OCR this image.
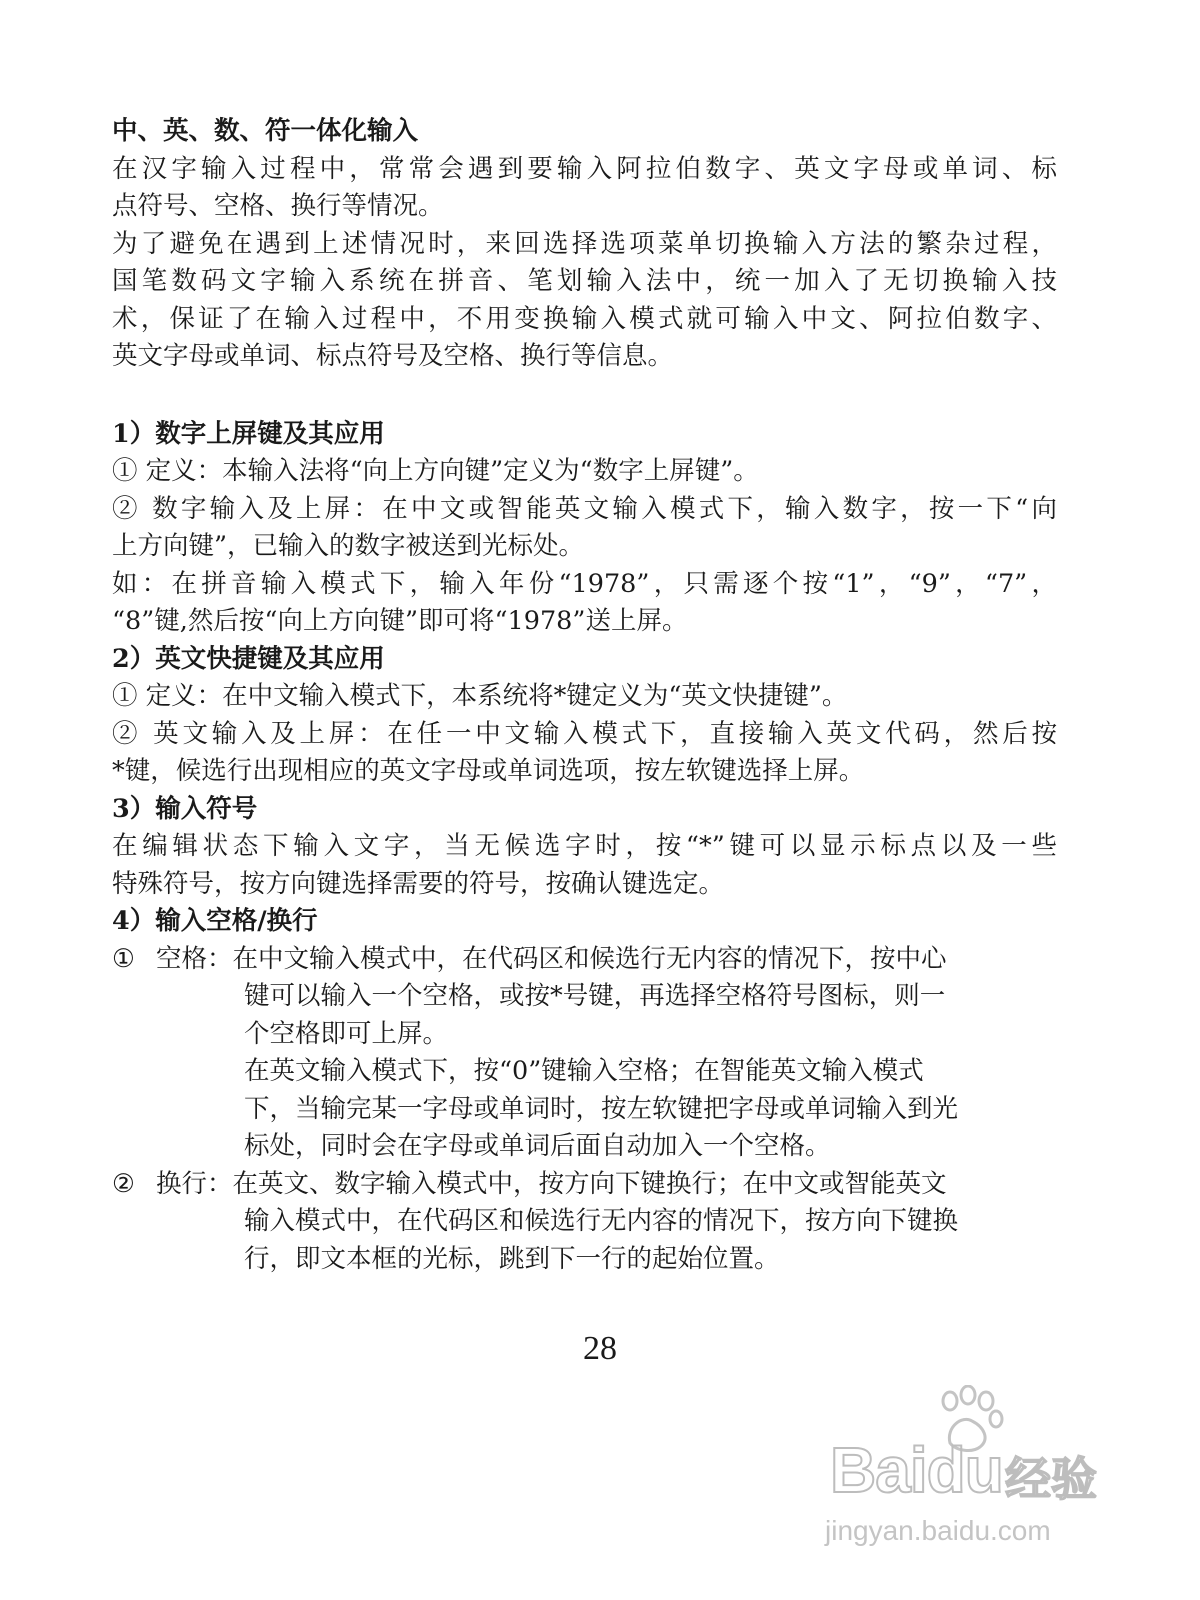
中、英、数、符一体化输入

在汉字输入过程中，常常会遇到要输入阿拉伯数字、英文字母或单词、标

点符号、空格、换行等情况。

为了避免在遇到上述情况时，来回选择选项菜单切换输入方法的繁杂过程，

国笔数码文字输入系统在拼音、笔划输入法中，统一加入了无切换输入技

术，保证了在输入过程中，不用变换输入模式就可输入中文、阿拉伯数字、

英文字母或单词、标点符号及空格、换行等信息。

1）数字上屏键及其应用

① 定义：本输入法将“向上方向键”定义为“数字上屏键”。

② 数字输入及上屏：在中文或智能英文输入模式下，输入数字，按一下“向

上方向键”，已输入的数字被送到光标处。

如：在拼音输入模式下，输入年份“1978”，只需逐个按“1”，“9”，“7”，

“8”键,然后按“向上方向键”即可将“1978”送上屏。

2）英文快捷键及其应用

① 定义：在中文输入模式下，本系统将*键定义为“英文快捷键”。

② 英文输入及上屏：在任一中文输入模式下，直接输入英文代码，然后按

*键，候选行出现相应的英文字母或单词选项，按左软键选择上屏。

3）输入符号

在编辑状态下输入文字，当无候选字时，按“*”键可以显示标点以及一些

特殊符号，按方向键选择需要的符号，按确认键选定。

4）输入空格/换行

① 空格：在中文输入模式中，在代码区和候选行无内容的情况下，按中心

键可以输入一个空格，或按*号键，再选择空格符号图标，则一

个空格即可上屏。

在英文输入模式下，按“0”键输入空格；在智能英文输入模式

下，当输完某一字母或单词时，按左软键把字母或单词输入到光

标处，同时会在字母或单词后面自动加入一个空格。

② 换行：在英文、数字输入模式中，按方向下键换行；在中文或智能英文

输入模式中，在代码区和候选行无内容的情况下，按方向下键换

行，即文本框的光标，跳到下一行的起始位置。

28
Baidu 经验
jingyan.baidu.com
